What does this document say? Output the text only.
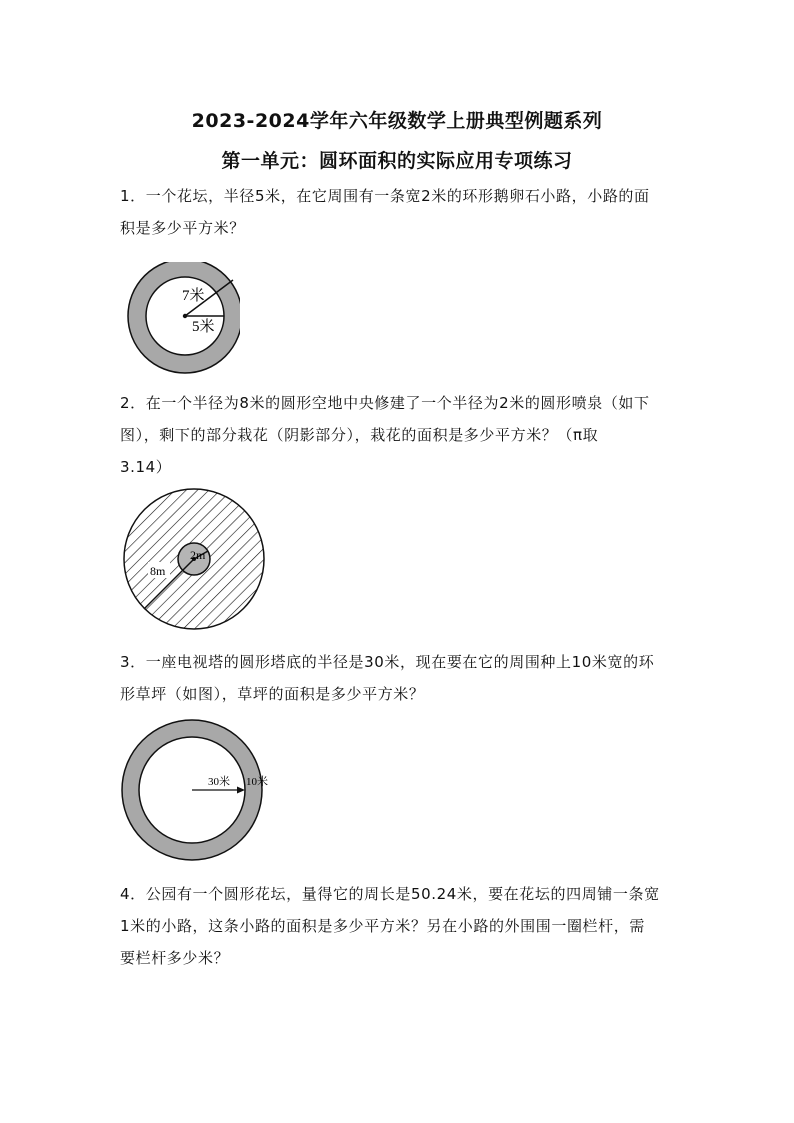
2023-2024学年六年级数学上册典型例题系列
第一单元：圆环面积的实际应用专项练习
1．一个花坛，半径5米，在它周围有一条宽2米的环形鹅卵石小路，小路的面
积是多少平方米？
7米
5米
2．在一个半径为8米的圆形空地中央修建了一个半径为2米的圆形喷泉（如下
图），剩下的部分栽花（阴影部分），栽花的面积是多少平方米？（π取
3.14）
8m
2m
3．一座电视塔的圆形塔底的半径是30米，现在要在它的周围种上10米宽的环
形草坪（如图），草坪的面积是多少平方米？
30米 10米
4．公园有一个圆形花坛，量得它的周长是50.24米，要在花坛的四周铺一条宽
1米的小路，这条小路的面积是多少平方米？另在小路的外围围一圈栏杆，需
要栏杆多少米？
